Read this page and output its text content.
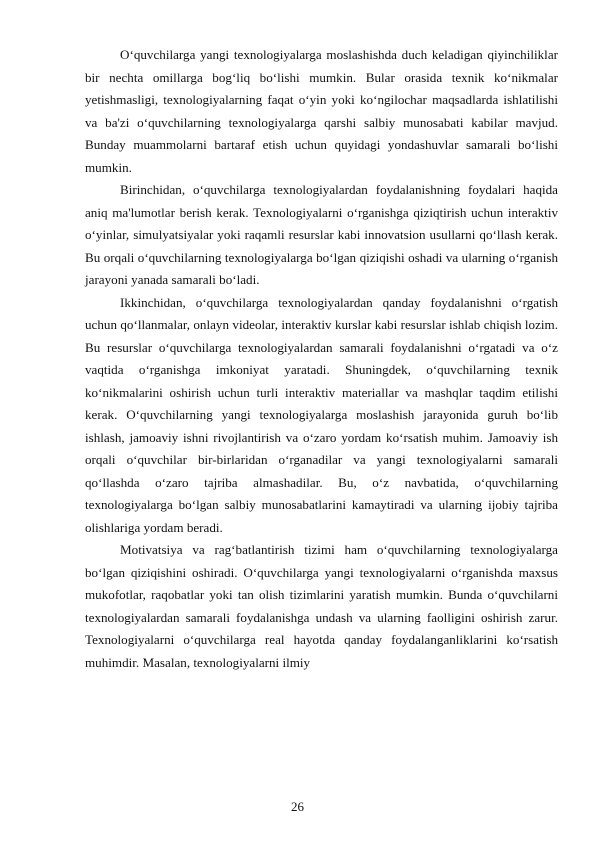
O‘quvchilarga yangi texnologiyalarga moslashishda duch keladigan qiyinchiliklar bir nechta omillarga bog‘liq bo‘lishi mumkin. Bular orasida texnik ko‘nikmalar yetishmasligi, texnologiyalarning faqat o‘yin yoki ko‘ngilochar maqsadlarda ishlatilishi va ba'zi o‘quvchilarning texnologiyalarga qarshi salbiy munosabati kabilar mavjud. Bunday muammolarni bartaraf etish uchun quyidagi yondashuvlar samarali bo‘lishi mumkin.

Birinchidan, o‘quvchilarga texnologiyalardan foydalanishning foydalari haqida aniq ma'lumotlar berish kerak. Texnologiyalarni o‘rganishga qiziqtirish uchun interaktiv o‘yinlar, simulyatsiyalar yoki raqamli resurslar kabi innovatsion usullarni qo‘llash kerak. Bu orqali o‘quvchilarning texnologiyalarga bo‘lgan qiziqishi oshadi va ularning o‘rganish jarayoni yanada samarali bo‘ladi.

Ikkinchidan, o‘quvchilarga texnologiyalardan qanday foydalanishni o‘rgatish uchun qo‘llanmalar, onlayn videolar, interaktiv kurslar kabi resurslar ishlab chiqish lozim. Bu resurslar o‘quvchilarga texnologiyalardan samarali foydalanishni o‘rgatadi va o‘z vaqtida o‘rganishga imkoniyat yaratadi. Shuningdek, o‘quvchilarning texnik ko‘nikmalarini oshirish uchun turli interaktiv materiallar va mashqlar taqdim etilishi kerak. O‘quvchilarning yangi texnologiyalarga moslashish jarayonida guruh bo‘lib ishlash, jamoaviy ishni rivojlantirish va o‘zaro yordam ko‘rsatish muhim. Jamoaviy ish orqali o‘quvchilar bir-birlaridan o‘rganadilar va yangi texnologiyalarni samarali qo‘llashda o‘zaro tajriba almashadilar. Bu, o‘z navbatida, o‘quvchilarning texnologiyalarga bo‘lgan salbiy munosabatlarini kamaytiradi va ularning ijobiy tajriba olishlariga yordam beradi.

Motivatsiya va rag‘batlantirish tizimi ham o‘quvchilarning texnologiyalarga bo‘lgan qiziqishini oshiradi. O‘quvchilarga yangi texnologiyalarni o‘rganishda maxsus mukofotlar, raqobatlar yoki tan olish tizimlarini yaratish mumkin. Bunda o‘quvchilarni texnologiyalardan samarali foydalanishga undash va ularning faolligini oshirish zarur. Texnologiyalarni o‘quvchilarga real hayotda qanday foydalanganliklarini ko‘rsatish muhimdir. Masalan, texnologiyalarni ilmiy

26
